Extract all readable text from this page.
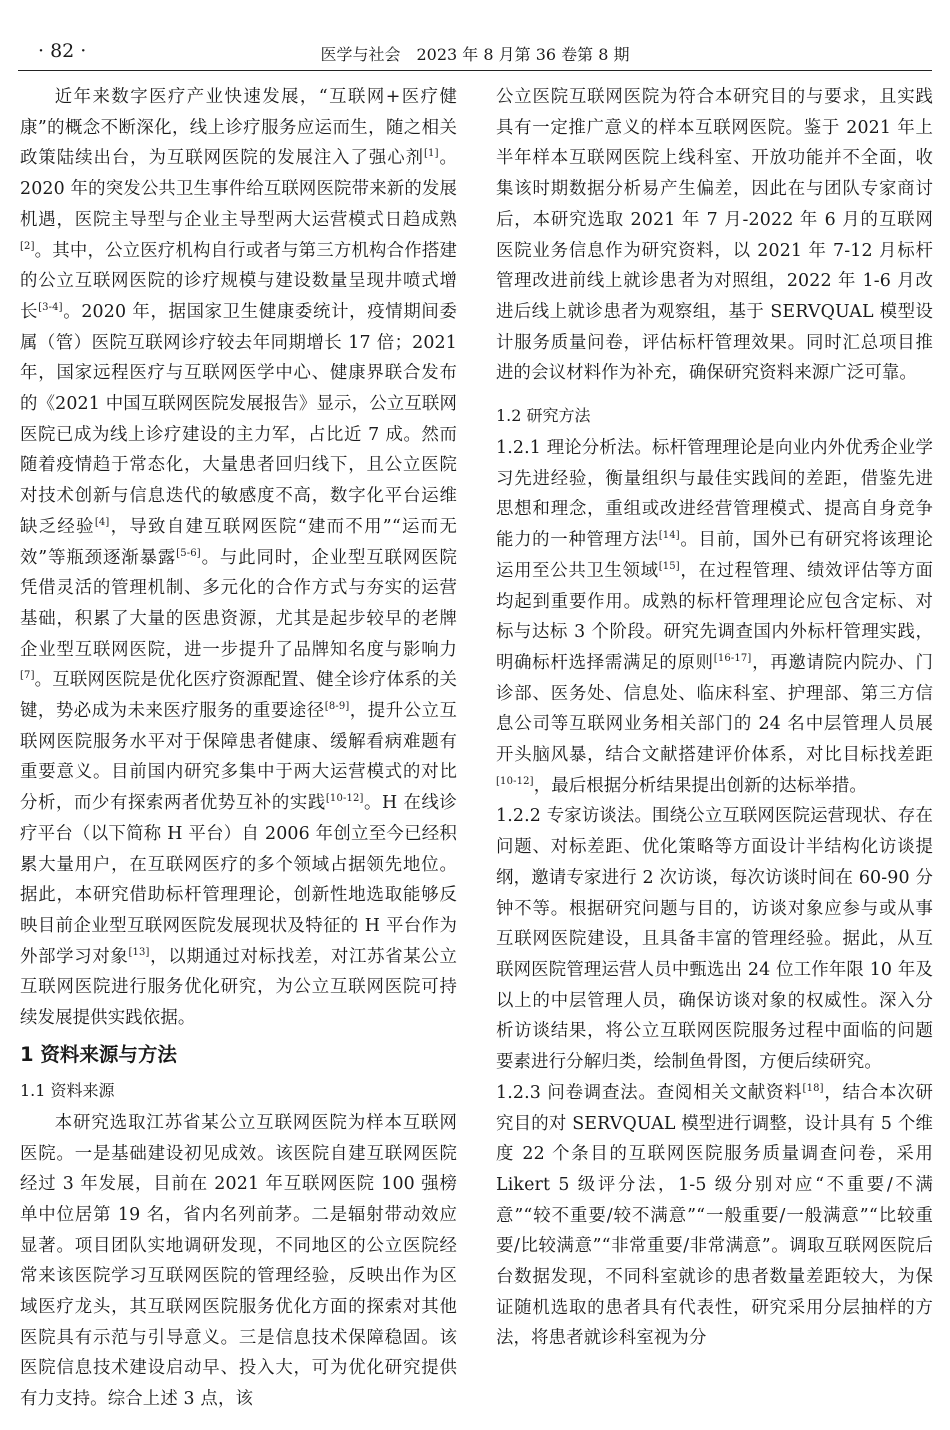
· 82 ·	医学与社会　2023 年 8 月第 36 卷第 8 期

近年来数字医疗产业快速发展，“互联网+医疗健康”的概念不断深化，线上诊疗服务应运而生，随之相关政策陆续出台，为互联网医院的发展注入了强心剂[1]。2020 年的突发公共卫生事件给互联网医院带来新的发展机遇，医院主导型与企业主导型两大运营模式日趋成熟[2]。其中，公立医疗机构自行或者与第三方机构合作搭建的公立互联网医院的诊疗规模与建设数量呈现井喷式增长[3-4]。2020 年，据国家卫生健康委统计，疫情期间委属（管）医院互联网诊疗较去年同期增长 17 倍；2021 年，国家远程医疗与互联网医学中心、健康界联合发布的《2021 中国互联网医院发展报告》显示，公立互联网医院已成为线上诊疗建设的主力军，占比近 7 成。然而随着疫情趋于常态化，大量患者回归线下，且公立医院对技术创新与信息迭代的敏感度不高，数字化平台运维缺乏经验[4]，导致自建互联网医院“建而不用”“运而无效”等瓶颈逐渐暴露[5-6]。与此同时，企业型互联网医院凭借灵活的管理机制、多元化的合作方式与夯实的运营基础，积累了大量的医患资源，尤其是起步较早的老牌企业型互联网医院，进一步提升了品牌知名度与影响力[7]。互联网医院是优化医疗资源配置、健全诊疗体系的关键，势必成为未来医疗服务的重要途径[8-9]，提升公立互联网医院服务水平对于保障患者健康、缓解看病难题有重要意义。目前国内研究多集中于两大运营模式的对比分析，而少有探索两者优势互补的实践[10-12]。H 在线诊疗平台（以下简称 H 平台）自 2006 年创立至今已经积累大量用户，在互联网医疗的多个领域占据领先地位。据此，本研究借助标杆管理理论，创新性地选取能够反映目前企业型互联网医院发展现状及特征的 H 平台作为外部学习对象[13]，以期通过对标找差，对江苏省某公立互联网医院进行服务优化研究，为公立互联网医院可持续发展提供实践依据。

1 资料来源与方法
1.1 资料来源

本研究选取江苏省某公立互联网医院为样本互联网医院。一是基础建设初见成效。该医院自建互联网医院经过 3 年发展，目前在 2021 年互联网医院 100 强榜单中位居第 19 名，省内名列前茅。二是辐射带动效应显著。项目团队实地调研发现，不同地区的公立医院经常来该医院学习互联网医院的管理经验，反映出作为区域医疗龙头，其互联网医院服务优化方面的探索对其他医院具有示范与引导意义。三是信息技术保障稳固。该医院信息技术建设启动早、投入大，可为优化研究提供有力支持。综合上述 3 点，该

公立医院互联网医院为符合本研究目的与要求，且实践具有一定推广意义的样本互联网医院。鉴于 2021 年上半年样本互联网医院上线科室、开放功能并不全面，收集该时期数据分析易产生偏差，因此在与团队专家商讨后，本研究选取 2021 年 7 月-2022 年 6 月的互联网医院业务信息作为研究资料，以 2021 年 7-12 月标杆管理改进前线上就诊患者为对照组，2022 年 1-6 月改进后线上就诊患者为观察组，基于 SERVQUAL 模型设计服务质量问卷，评估标杆管理效果。同时汇总项目推进的会议材料作为补充，确保研究资料来源广泛可靠。

1.2 研究方法

1.2.1 理论分析法。标杆管理理论是向业内外优秀企业学习先进经验，衡量组织与最佳实践间的差距，借鉴先进思想和理念，重组或改进经营管理模式、提高自身竞争能力的一种管理方法[14]。目前，国外已有研究将该理论运用至公共卫生领域[15]，在过程管理、绩效评估等方面均起到重要作用。成熟的标杆管理理论应包含定标、对标与达标 3 个阶段。研究先调查国内外标杆管理实践，明确标杆选择需满足的原则[16-17]，再邀请院内院办、门诊部、医务处、信息处、临床科室、护理部、第三方信息公司等互联网业务相关部门的 24 名中层管理人员展开头脑风暴，结合文献搭建评价体系，对比目标找差距[10-12]，最后根据分析结果提出创新的达标举措。

1.2.2 专家访谈法。围绕公立互联网医院运营现状、存在问题、对标差距、优化策略等方面设计半结构化访谈提纲，邀请专家进行 2 次访谈，每次访谈时间在 60-90 分钟不等。根据研究问题与目的，访谈对象应参与或从事互联网医院建设，且具备丰富的管理经验。据此，从互联网医院管理运营人员中甄选出 24 位工作年限 10 年及以上的中层管理人员，确保访谈对象的权威性。深入分析访谈结果，将公立互联网医院服务过程中面临的问题要素进行分解归类，绘制鱼骨图，方便后续研究。

1.2.3 问卷调查法。查阅相关文献资料[18]，结合本次研究目的对 SERVQUAL 模型进行调整，设计具有 5 个维度 22 个条目的互联网医院服务质量调查问卷，采用 Likert 5 级评分法，1-5 级分别对应“不重要/不满意”“较不重要/较不满意”“一般重要/一般满意”“比较重要/比较满意”“非常重要/非常满意”。调取互联网医院后台数据发现，不同科室就诊的患者数量差距较大，为保证随机选取的患者具有代表性，研究采用分层抽样的方法，将患者就诊科室视为分
